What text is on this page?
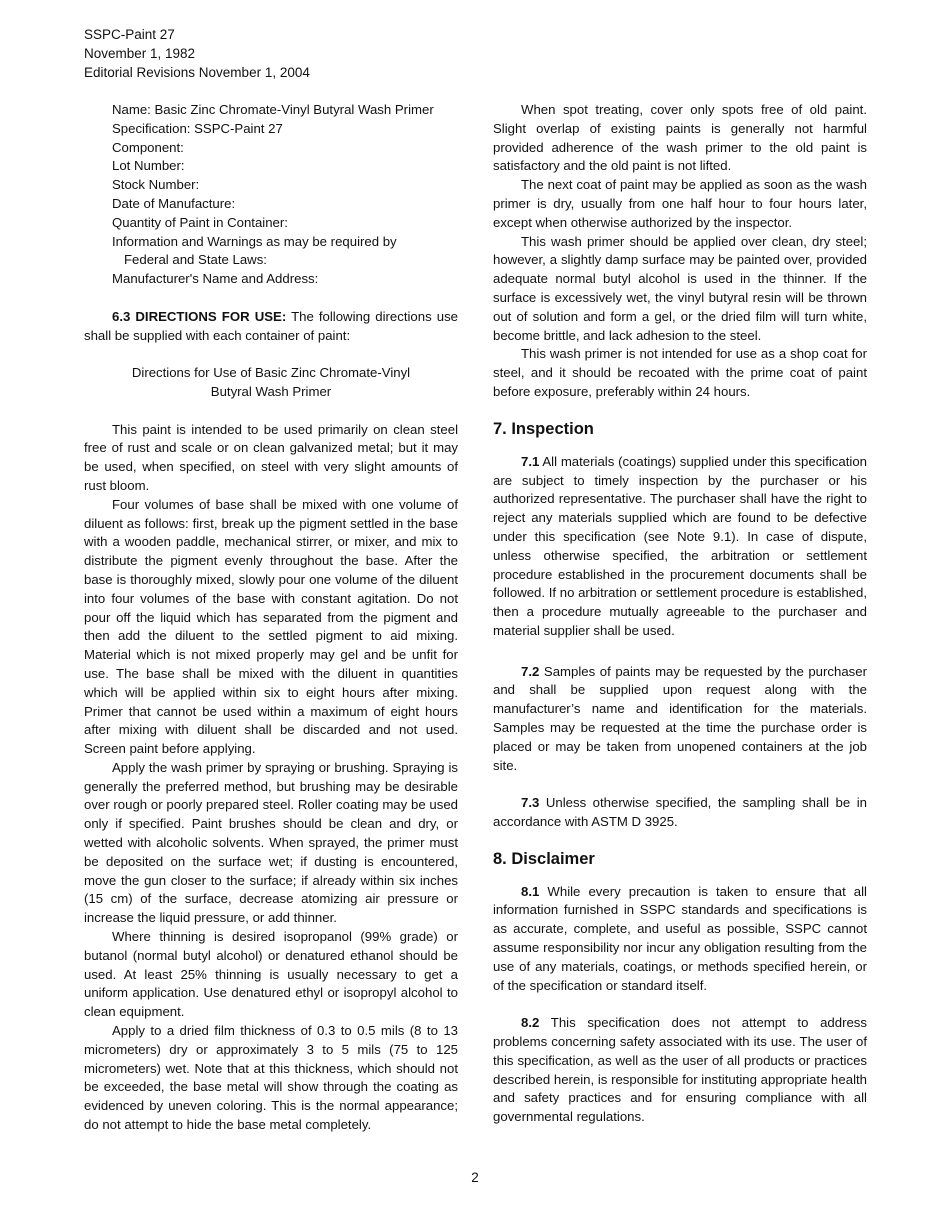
SSPC-Paint 27
November 1, 1982
Editorial Revisions November 1, 2004

Name: Basic Zinc Chromate-Vinyl Butyral Wash Primer

Specification: SSPC-Paint 27

Component:

Lot Number:

Stock Number:

Date of Manufacture:

Quantity of Paint in Container:

Information and Warnings as may be required by

Federal and State Laws:

Manufacturer's Name and Address:

6.3 DIRECTIONS FOR USE: The following directions use shall be supplied with each container of paint:

Directions for Use of Basic Zinc Chromate-Vinyl

Butyral Wash Primer

This paint is intended to be used primarily on clean steel free of rust and scale or on clean galvanized metal; but it may be used, when specified, on steel with very slight amounts of rust bloom.

Four volumes of base shall be mixed with one volume of diluent as follows: first, break up the pigment settled in the base with a wooden paddle, mechanical stirrer, or mixer, and mix to distribute the pigment evenly throughout the base. After the base is thoroughly mixed, slowly pour one volume of the diluent into four volumes of the base with constant agitation. Do not pour off the liquid which has separated from the pigment and then add the diluent to the settled pigment to aid mixing. Material which is not mixed properly may gel and be unfit for use. The base shall be mixed with the diluent in quantities which will be applied within six to eight hours after mixing. Primer that cannot be used within a maximum of eight hours after mixing with diluent shall be discarded and not used. Screen paint before applying.

Apply the wash primer by spraying or brushing. Spraying is generally the preferred method, but brushing may be desirable over rough or poorly prepared steel. Roller coating may be used only if specified. Paint brushes should be clean and dry, or wetted with alcoholic solvents. When sprayed, the primer must be deposited on the surface wet; if dusting is encountered, move the gun closer to the surface; if already within six inches (15 cm) of the surface, decrease atomizing air pressure or increase the liquid pressure, or add thinner.

Where thinning is desired isopropanol (99% grade) or butanol (normal butyl alcohol) or denatured ethanol should be used. At least 25% thinning is usually necessary to get a uniform application. Use denatured ethyl or isopropyl alcohol to clean equipment.

Apply to a dried film thickness of 0.3 to 0.5 mils (8 to 13 micrometers) dry or approximately 3 to 5 mils (75 to 125 micrometers) wet. Note that at this thickness, which should not be exceeded, the base metal will show through the coating as evidenced by uneven coloring. This is the normal appearance; do not attempt to hide the base metal completely.

When spot treating, cover only spots free of old paint. Slight overlap of existing paints is generally not harmful provided adherence of the wash primer to the old paint is satisfactory and the old paint is not lifted.

The next coat of paint may be applied as soon as the wash primer is dry, usually from one half hour to four hours later, except when otherwise authorized by the inspector.

This wash primer should be applied over clean, dry steel; however, a slightly damp surface may be painted over, provided adequate normal butyl alcohol is used in the thinner. If the surface is excessively wet, the vinyl butyral resin will be thrown out of solution and form a gel, or the dried film will turn white, become brittle, and lack adhesion to the steel.

This wash primer is not intended for use as a shop coat for steel, and it should be recoated with the prime coat of paint before exposure, preferably within 24 hours.

7. Inspection

7.1 All materials (coatings) supplied under this specification are subject to timely inspection by the purchaser or his authorized representative. The purchaser shall have the right to reject any materials supplied which are found to be defective under this specification (see Note 9.1). In case of dispute, unless otherwise specified, the arbitration or settlement procedure established in the procurement documents shall be followed. If no arbitration or settlement procedure is established, then a procedure mutually agreeable to the purchaser and material supplier shall be used.

7.2 Samples of paints may be requested by the purchaser and shall be supplied upon request along with the manufacturer’s name and identification for the materials. Samples may be requested at the time the purchase order is placed or may be taken from unopened containers at the job site.

7.3 Unless otherwise specified, the sampling shall be in accordance with ASTM D 3925.

8. Disclaimer

8.1 While every precaution is taken to ensure that all information furnished in SSPC standards and specifications is as accurate, complete, and useful as possible, SSPC cannot assume responsibility nor incur any obligation resulting from the use of any materials, coatings, or methods specified herein, or of the specification or standard itself.

8.2 This specification does not attempt to address problems concerning safety associated with its use. The user of this specification, as well as the user of all products or practices described herein, is responsible for instituting appropriate health and safety practices and for ensuring compliance with all governmental regulations.

2
